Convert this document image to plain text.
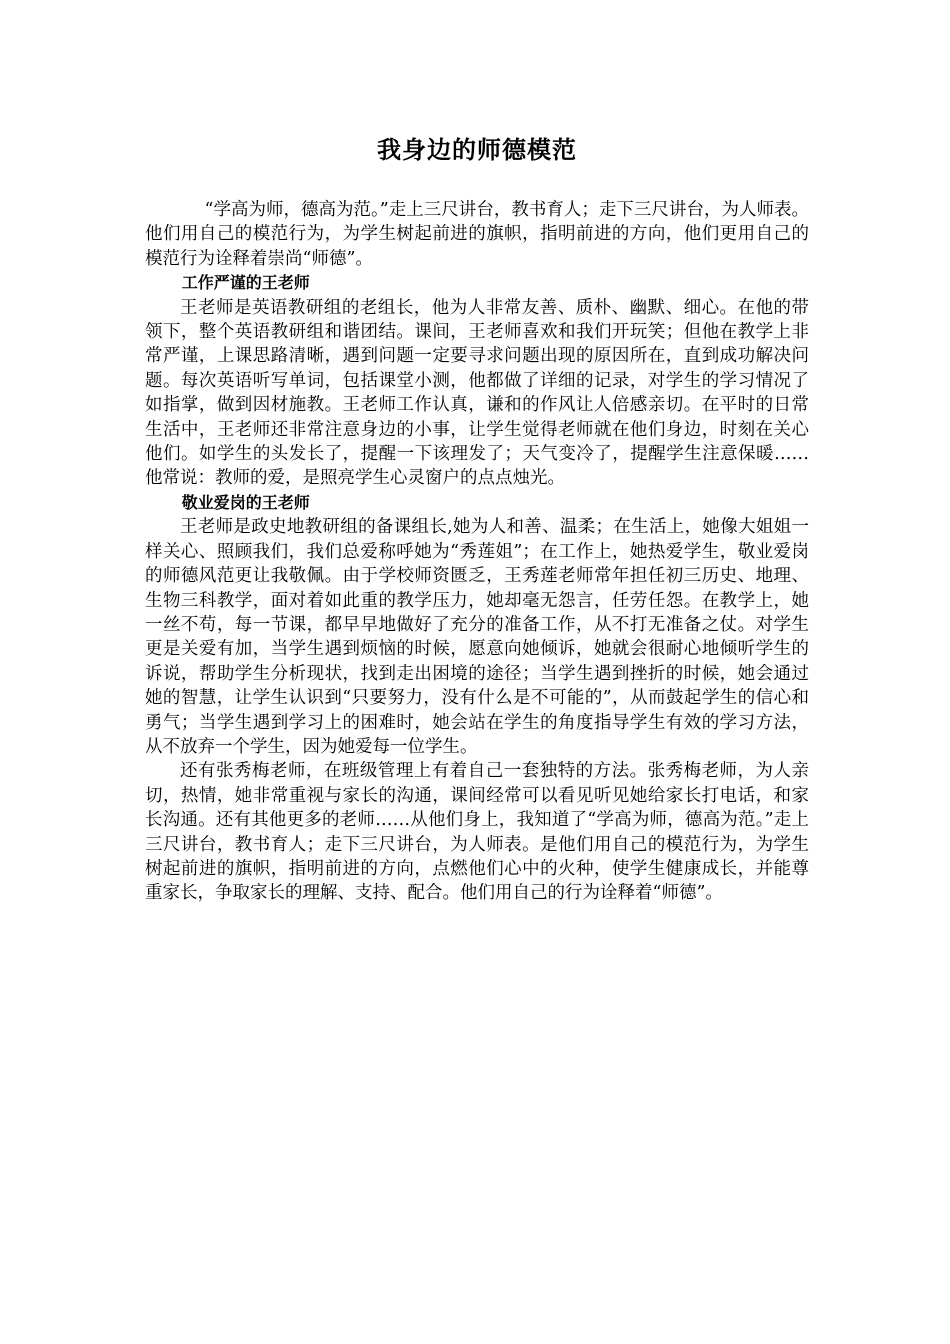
我身边的师德模范

“学高为师，德高为范。”走上三尺讲台，教书育人；走下三尺讲台，为人师表。他们用自己的模范行为，为学生树起前进的旗帜，指明前进的方向，他们更用自己的模范行为诠释着崇尚“师德”。

工作严谨的王老师

王老师是英语教研组的老组长，他为人非常友善、质朴、幽默、细心。在他的带领下，整个英语教研组和谐团结。课间，王老师喜欢和我们开玩笑；但他在教学上非常严谨，上课思路清晰，遇到问题一定要寻求问题出现的原因所在，直到成功解决问题。每次英语听写单词，包括课堂小测，他都做了详细的记录，对学生的学习情况了如指掌，做到因材施教。王老师工作认真，谦和的作风让人倍感亲切。在平时的日常生活中，王老师还非常注意身边的小事，让学生觉得老师就在他们身边，时刻在关心他们。如学生的头发长了，提醒一下该理发了；天气变冷了，提醒学生注意保暖……他常说：教师的爱，是照亮学生心灵窗户的点点烛光。

敬业爱岗的王老师

王老师是政史地教研组的备课组长,她为人和善、温柔；在生活上，她像大姐姐一样关心、照顾我们，我们总爱称呼她为“秀莲姐”；在工作上，她热爱学生，敬业爱岗的师德风范更让我敬佩。由于学校师资匮乏，王秀莲老师常年担任初三历史、地理、生物三科教学，面对着如此重的教学压力，她却毫无怨言，任劳任怨。在教学上，她一丝不苟，每一节课，都早早地做好了充分的准备工作，从不打无准备之仗。对学生更是关爱有加，当学生遇到烦恼的时候，愿意向她倾诉，她就会很耐心地倾听学生的诉说，帮助学生分析现状，找到走出困境的途径；当学生遇到挫折的时候，她会通过她的智慧，让学生认识到“只要努力，没有什么是不可能的”，从而鼓起学生的信心和勇气；当学生遇到学习上的困难时，她会站在学生的角度指导学生有效的学习方法，从不放弃一个学生，因为她爱每一位学生。

还有张秀梅老师，在班级管理上有着自己一套独特的方法。张秀梅老师，为人亲切，热情，她非常重视与家长的沟通，课间经常可以看见听见她给家长打电话，和家长沟通。还有其他更多的老师……从他们身上，我知道了“学高为师，德高为范。”走上三尺讲台，教书育人；走下三尺讲台，为人师表。是他们用自己的模范行为，为学生树起前进的旗帜，指明前进的方向，点燃他们心中的火种，使学生健康成长，并能尊重家长，争取家长的理解、支持、配合。他们用自己的行为诠释着“师德”。
